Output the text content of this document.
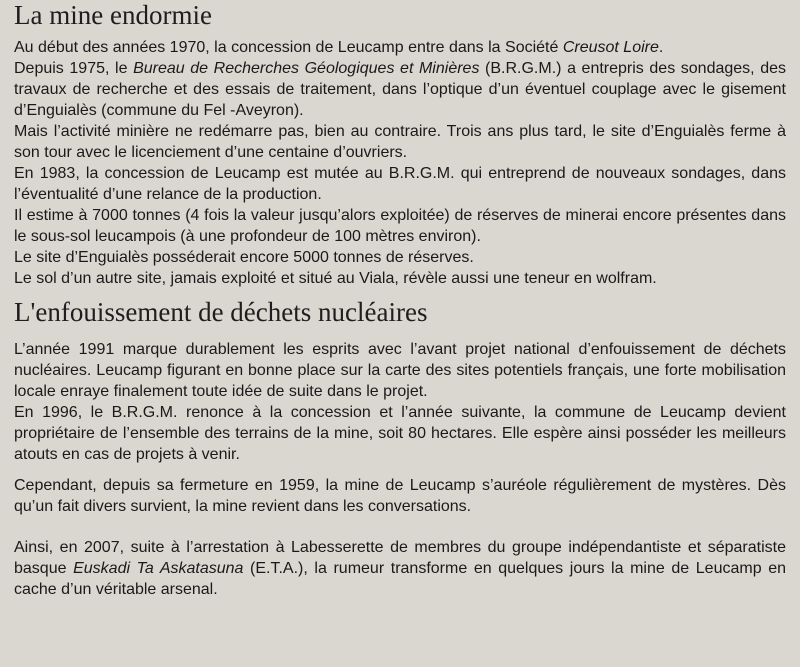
La mine endormie
Au début des années 1970, la concession de Leucamp entre dans la Société Creusot Loire.
Depuis 1975, le Bureau de Recherches Géologiques et Minières (B.R.G.M.) a entrepris des sondages, des travaux de recherche et des essais de traitement, dans l’optique d’un éventuel couplage avec le gisement d’Enguialès (commune du Fel -Aveyron).
Mais l’activité minière ne redémarre pas, bien au contraire. Trois ans plus tard, le site d’Enguialès ferme à son tour avec le licenciement d’une centaine d’ouvriers.
En 1983, la concession de Leucamp est mutée au B.R.G.M. qui entreprend de nouveaux sondages, dans l’éventualité d’une relance de la production.
Il estime à 7000 tonnes (4 fois la valeur jusqu’alors exploitée) de réserves de minerai encore présentes dans le sous-sol leucampois (à une profondeur de 100 mètres environ).
Le site d’Enguialès posséderait encore 5000 tonnes de réserves.
Le sol d’un autre site, jamais exploité et situé au Viala, révèle aussi une teneur en wolfram.
L'enfouissement de déchets nucléaires
L’année 1991 marque durablement les esprits avec l’avant projet national d’enfouissement de déchets nucléaires. Leucamp figurant en bonne place sur la carte des sites potentiels français, une forte mobilisation locale enraye finalement toute idée de suite dans le projet.
En 1996, le B.R.G.M. renonce à la concession et l’année suivante, la commune de Leucamp devient propriétaire de l’ensemble des terrains de la mine, soit 80 hectares. Elle espère ainsi posséder les meilleurs atouts en cas de projets à venir.
Cependant, depuis sa fermeture en 1959, la mine de Leucamp s’auréole régulièrement de mystères. Dès qu’un fait divers survient, la mine revient dans les conversations.
Ainsi, en 2007, suite à l’arrestation à Labesserette de membres du groupe indépendantiste et séparatiste basque Euskadi Ta Askatasuna (E.T.A.), la rumeur transforme en quelques jours la mine de Leucamp en cache d’un véritable arsenal.
